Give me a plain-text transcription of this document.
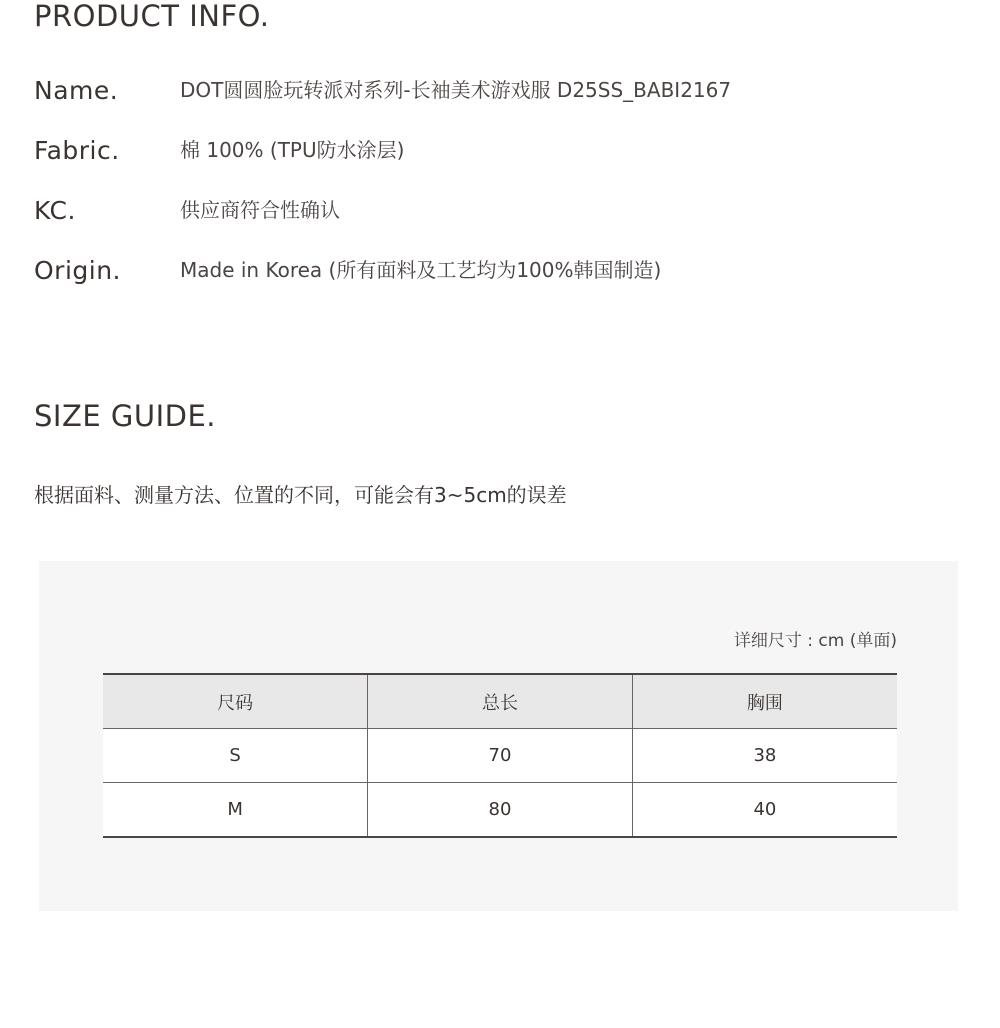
PRODUCT INFO.
Name.	DOT圆圆脸玩转派对系列-长袖美术游戏服 D25SS_BABI2167
Fabric.	棉 100% (TPU防水涂层)
KC.	供应商符合性确认
Origin.	Made in Korea (所有面料及工艺均为100%韩国制造)
SIZE GUIDE.
根据面料、测量方法、位置的不同，可能会有3~5cm的误差
详细尺寸 : cm (单面)
尺码	总长	胸围
S	70	38
M	80	40
